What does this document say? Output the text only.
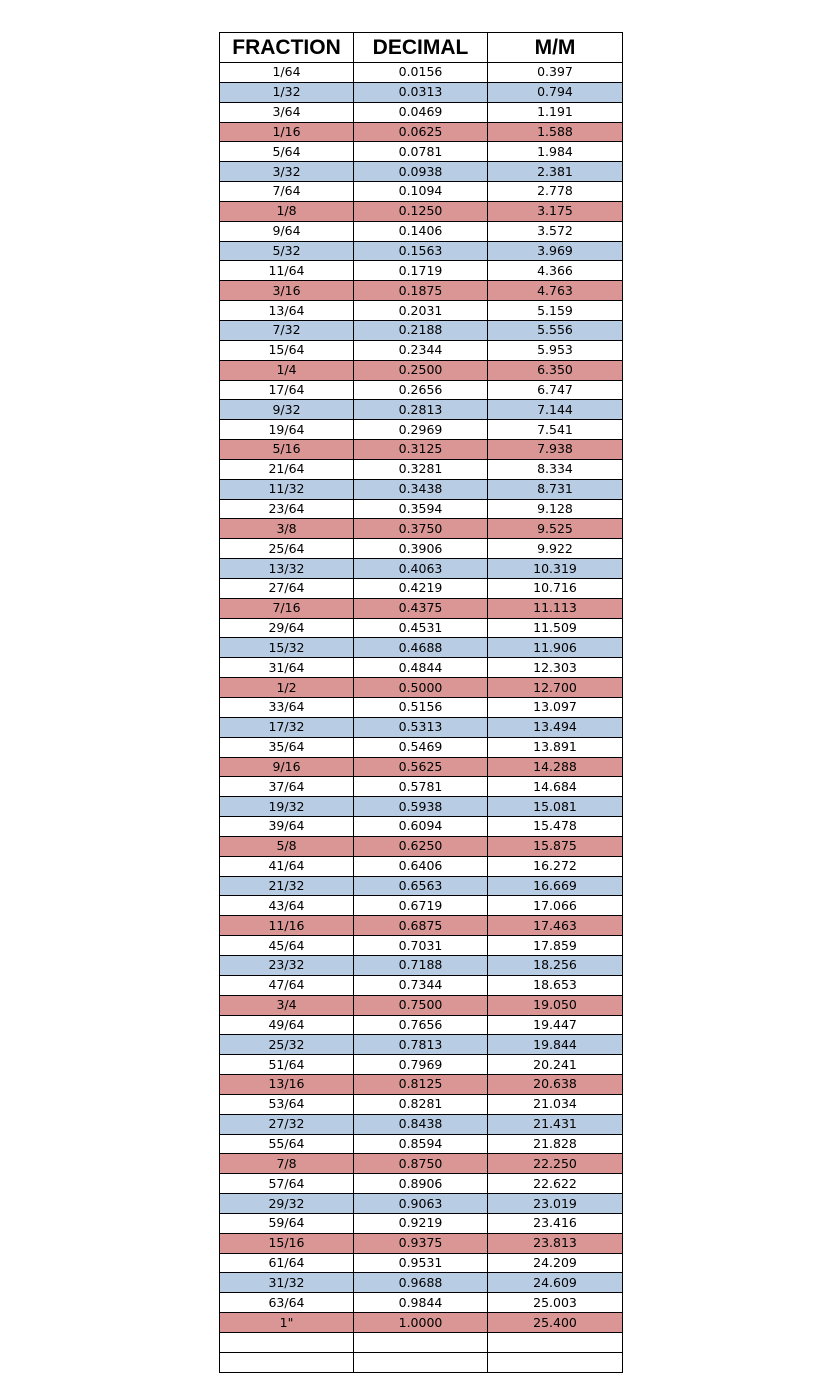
FRACTION	DECIMAL	M/M
1/64	0.0156	0.397
1/32	0.0313	0.794
3/64	0.0469	1.191
1/16	0.0625	1.588
5/64	0.0781	1.984
3/32	0.0938	2.381
7/64	0.1094	2.778
1/8	0.1250	3.175
9/64	0.1406	3.572
5/32	0.1563	3.969
11/64	0.1719	4.366
3/16	0.1875	4.763
13/64	0.2031	5.159
7/32	0.2188	5.556
15/64	0.2344	5.953
1/4	0.2500	6.350
17/64	0.2656	6.747
9/32	0.2813	7.144
19/64	0.2969	7.541
5/16	0.3125	7.938
21/64	0.3281	8.334
11/32	0.3438	8.731
23/64	0.3594	9.128
3/8	0.3750	9.525
25/64	0.3906	9.922
13/32	0.4063	10.319
27/64	0.4219	10.716
7/16	0.4375	11.113
29/64	0.4531	11.509
15/32	0.4688	11.906
31/64	0.4844	12.303
1/2	0.5000	12.700
33/64	0.5156	13.097
17/32	0.5313	13.494
35/64	0.5469	13.891
9/16	0.5625	14.288
37/64	0.5781	14.684
19/32	0.5938	15.081
39/64	0.6094	15.478
5/8	0.6250	15.875
41/64	0.6406	16.272
21/32	0.6563	16.669
43/64	0.6719	17.066
11/16	0.6875	17.463
45/64	0.7031	17.859
23/32	0.7188	18.256
47/64	0.7344	18.653
3/4	0.7500	19.050
49/64	0.7656	19.447
25/32	0.7813	19.844
51/64	0.7969	20.241
13/16	0.8125	20.638
53/64	0.8281	21.034
27/32	0.8438	21.431
55/64	0.8594	21.828
7/8	0.8750	22.250
57/64	0.8906	22.622
29/32	0.9063	23.019
59/64	0.9219	23.416
15/16	0.9375	23.813
61/64	0.9531	24.209
31/32	0.9688	24.609
63/64	0.9844	25.003
1"	1.0000	25.400
